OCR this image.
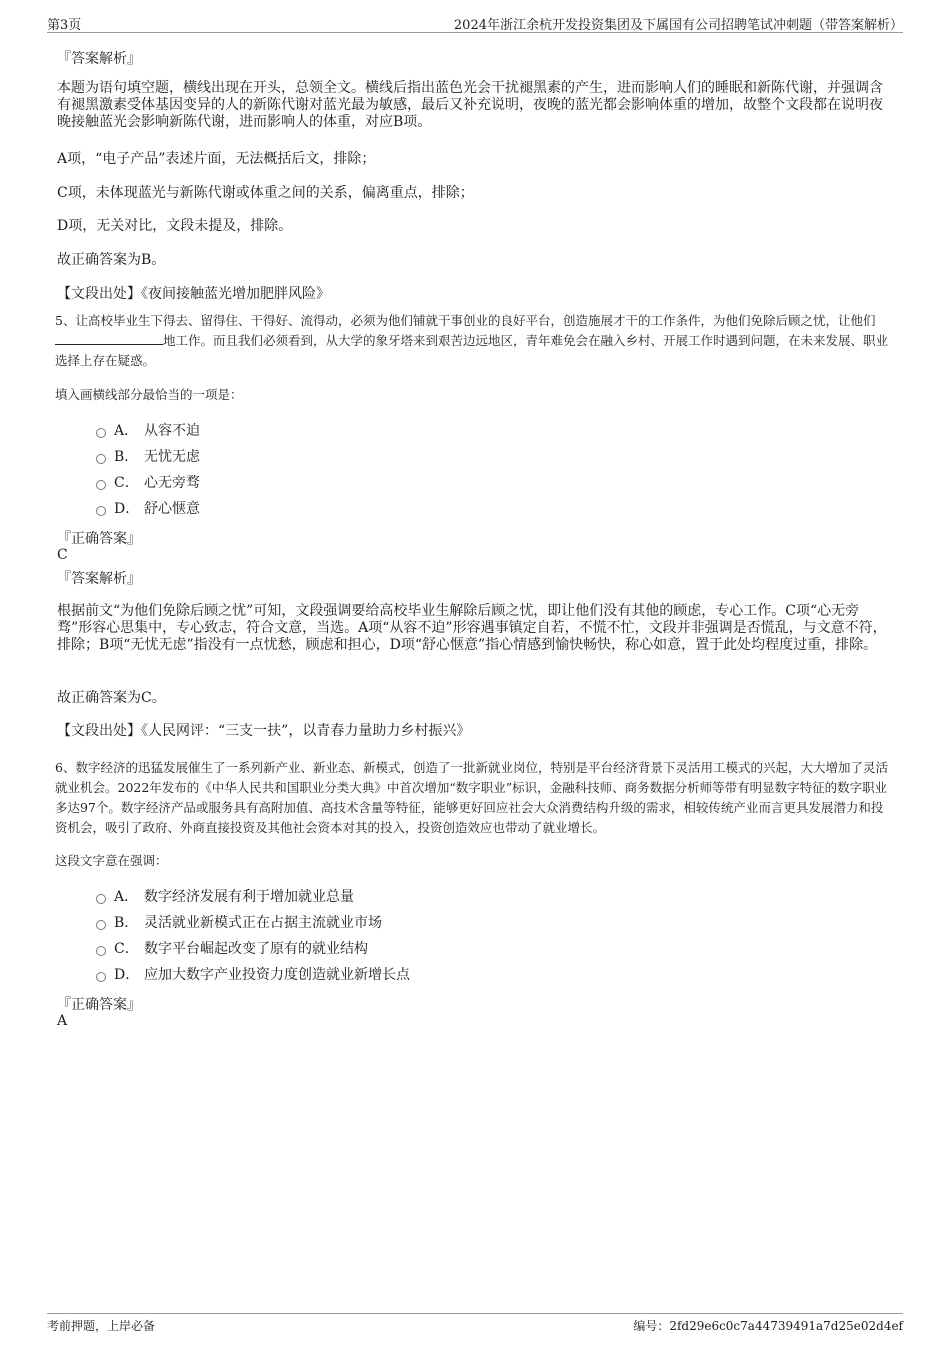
第3页	2024年浙江余杭开发投资集团及下属国有公司招聘笔试冲刺题（带答案解析）
『答案解析』
本题为语句填空题，横线出现在开头，总领全文。横线后指出蓝色光会干扰褪黑素的产生，进而影响人们的睡眠和新陈代谢，并强调含有褪黑激素受体基因变异的人的新陈代谢对蓝光最为敏感，最后又补充说明，夜晚的蓝光都会影响体重的增加，故整个文段都在说明夜晚接触蓝光会影响新陈代谢，进而影响人的体重，对应B项。
A项，“电子产品”表述片面，无法概括后文，排除；
C项，未体现蓝光与新陈代谢或体重之间的关系，偏离重点，排除；
D项，无关对比，文段未提及，排除。
故正确答案为B。
【文段出处】《夜间接触蓝光增加肥胖风险》
5、让高校毕业生下得去、留得住、干得好、流得动，必须为他们铺就干事创业的良好平台，创造施展才干的工作条件，为他们免除后顾之忧，让他们地工作。而且我们必须看到，从大学的象牙塔来到艰苦边远地区，青年难免会在融入乡村、开展工作时遇到问题，在未来发展、职业选择上存在疑惑。
填入画横线部分最恰当的一项是：
A． 从容不迫
B． 无忧无虑
C． 心无旁骛
D． 舒心惬意
『正确答案』
C
『答案解析』
根据前文“为他们免除后顾之忧”可知，文段强调要给高校毕业生解除后顾之忧，即让他们没有其他的顾虑，专心工作。C项“心无旁骛”形容心思集中，专心致志，符合文意，当选。A项“从容不迫”形容遇事镇定自若，不慌不忙，文段并非强调是否慌乱，与文意不符，排除；B项“无忧无虑”指没有一点忧愁，顾虑和担心，D项“舒心惬意”指心情感到愉快畅快，称心如意，置于此处均程度过重，排除。
故正确答案为C。
【文段出处】《人民网评：“三支一扶”，以青春力量助力乡村振兴》
6、数字经济的迅猛发展催生了一系列新产业、新业态、新模式，创造了一批新就业岗位，特别是平台经济背景下灵活用工模式的兴起，大大增加了灵活就业机会。2022年发布的《中华人民共和国职业分类大典》中首次增加“数字职业”标识，金融科技师、商务数据分析师等带有明显数字特征的数字职业多达97个。数字经济产品或服务具有高附加值、高技术含量等特征，能够更好回应社会大众消费结构升级的需求，相较传统产业而言更具发展潜力和投资机会，吸引了政府、外商直接投资及其他社会资本对其的投入，投资创造效应也带动了就业增长。
这段文字意在强调：
A． 数字经济发展有利于增加就业总量
B． 灵活就业新模式正在占据主流就业市场
C． 数字平台崛起改变了原有的就业结构
D． 应加大数字产业投资力度创造就业新增长点
『正确答案』
A
考前押题，上岸必备	编号：2fd29e6c0c7a44739491a7d25e02d4ef
